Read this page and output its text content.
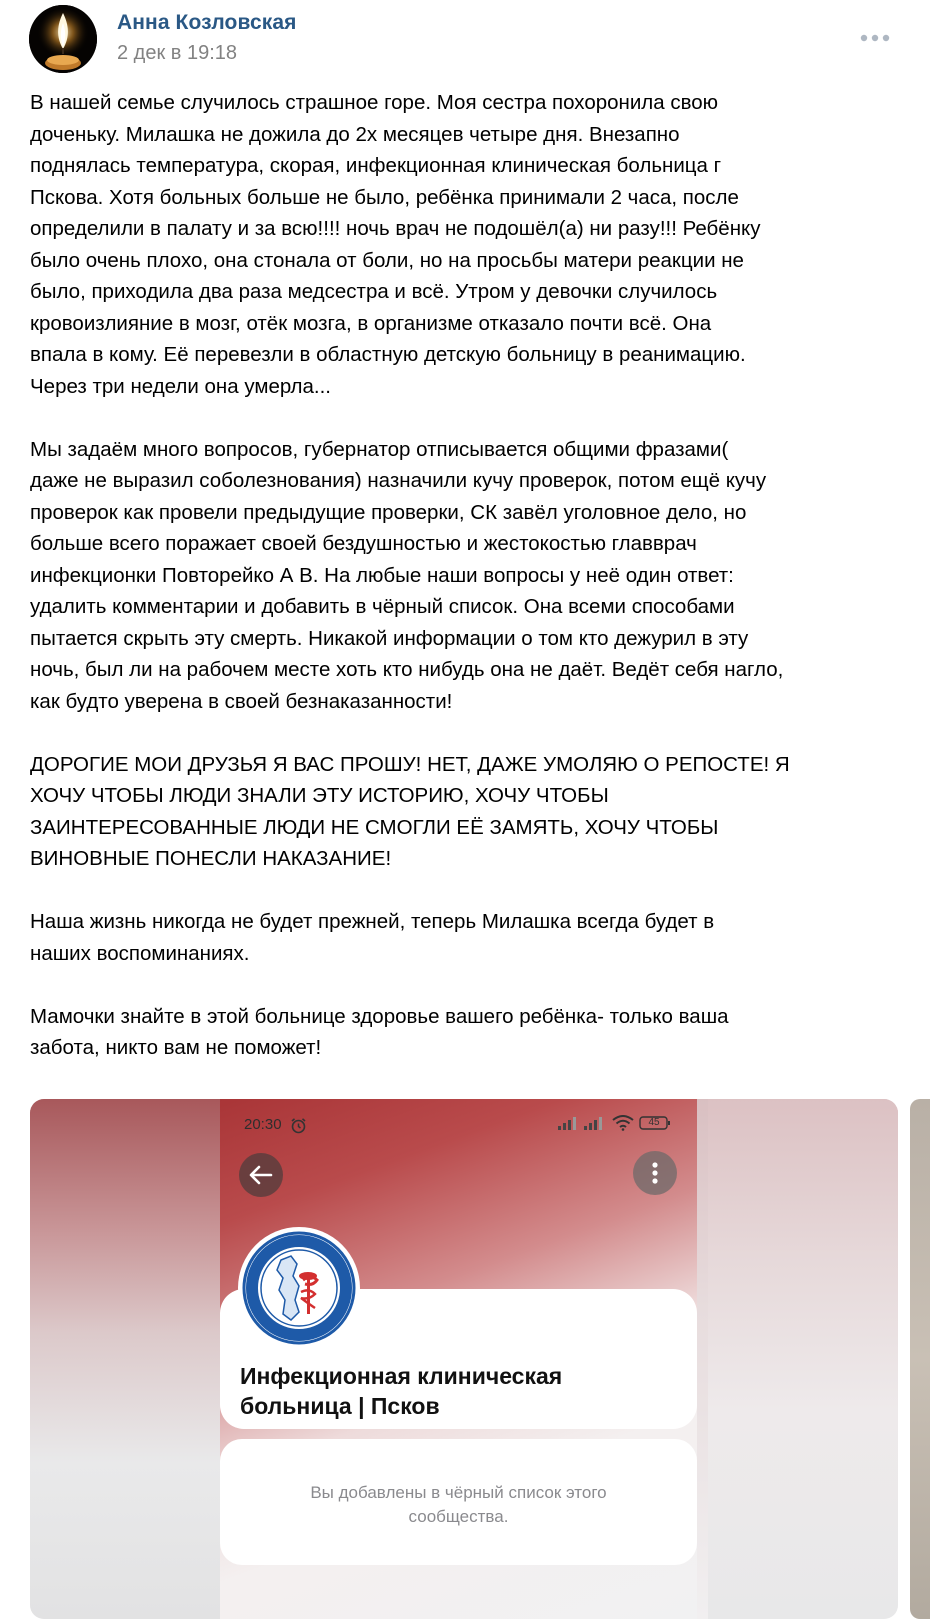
Анна Козловская
2 дек в 19:18

В нашей семье случилось страшное горе. Моя сестра похоронила свою
доченьку. Милашка не дожила до 2х месяцев четыре дня. Внезапно
поднялась температура, скорая, инфекционная клиническая больница г
Пскова. Хотя больных больше не было, ребёнка принимали 2 часа, после
определили в палату и за всю!!!! ночь врач не подошёл(а) ни разу!!! Ребёнку
было очень плохо, она стонала от боли, но на просьбы матери реакции не
было, приходила два раза медсестра и всё. Утром у девочки случилось
кровоизлияние в мозг, отёк мозга, в организме отказало почти всё. Она
впала в кому. Её перевезли в областную детскую больницу в реанимацию.
Через три недели она умерла...

Мы задаём много вопросов, губернатор отписывается общими фразами(
даже не выразил соболезнования) назначили кучу проверок, потом ещё кучу
проверок как провели предыдущие проверки, СК завёл уголовное дело, но
больше всего поражает своей бездушностью и жестокостью главврач
инфекционки Повторейко А В. На любые наши вопросы у неё один ответ:
удалить комментарии и добавить в чёрный список. Она всеми способами
пытается скрыть эту смерть. Никакой информации о том кто дежурил в эту
ночь, был ли на рабочем месте хоть кто нибудь она не даёт. Ведёт себя нагло,
как будто уверена в своей безнаказанности!

ДОРОГИЕ МОИ ДРУЗЬЯ Я ВАС ПРОШУ! НЕТ, ДАЖЕ УМОЛЯЮ О РЕПОСТЕ! Я
ХОЧУ ЧТОБЫ ЛЮДИ ЗНАЛИ ЭТУ ИСТОРИЮ, ХОЧУ ЧТОБЫ
ЗАИНТЕРЕСОВАННЫЕ ЛЮДИ НЕ СМОГЛИ ЕЁ ЗАМЯТЬ, ХОЧУ ЧТОБЫ
ВИНОВНЫЕ ПОНЕСЛИ НАКАЗАНИЕ!

Наша жизнь никогда не будет прежней, теперь Милашка всегда будет в
наших воспоминаниях.

Мамочки знайте в этой больнице здоровье вашего ребёнка- только ваша
забота, никто вам не поможет!

20:30	45
Инфекционная клиническая
больница | Псков
Вы добавлены в чёрный список этого
сообщества.
